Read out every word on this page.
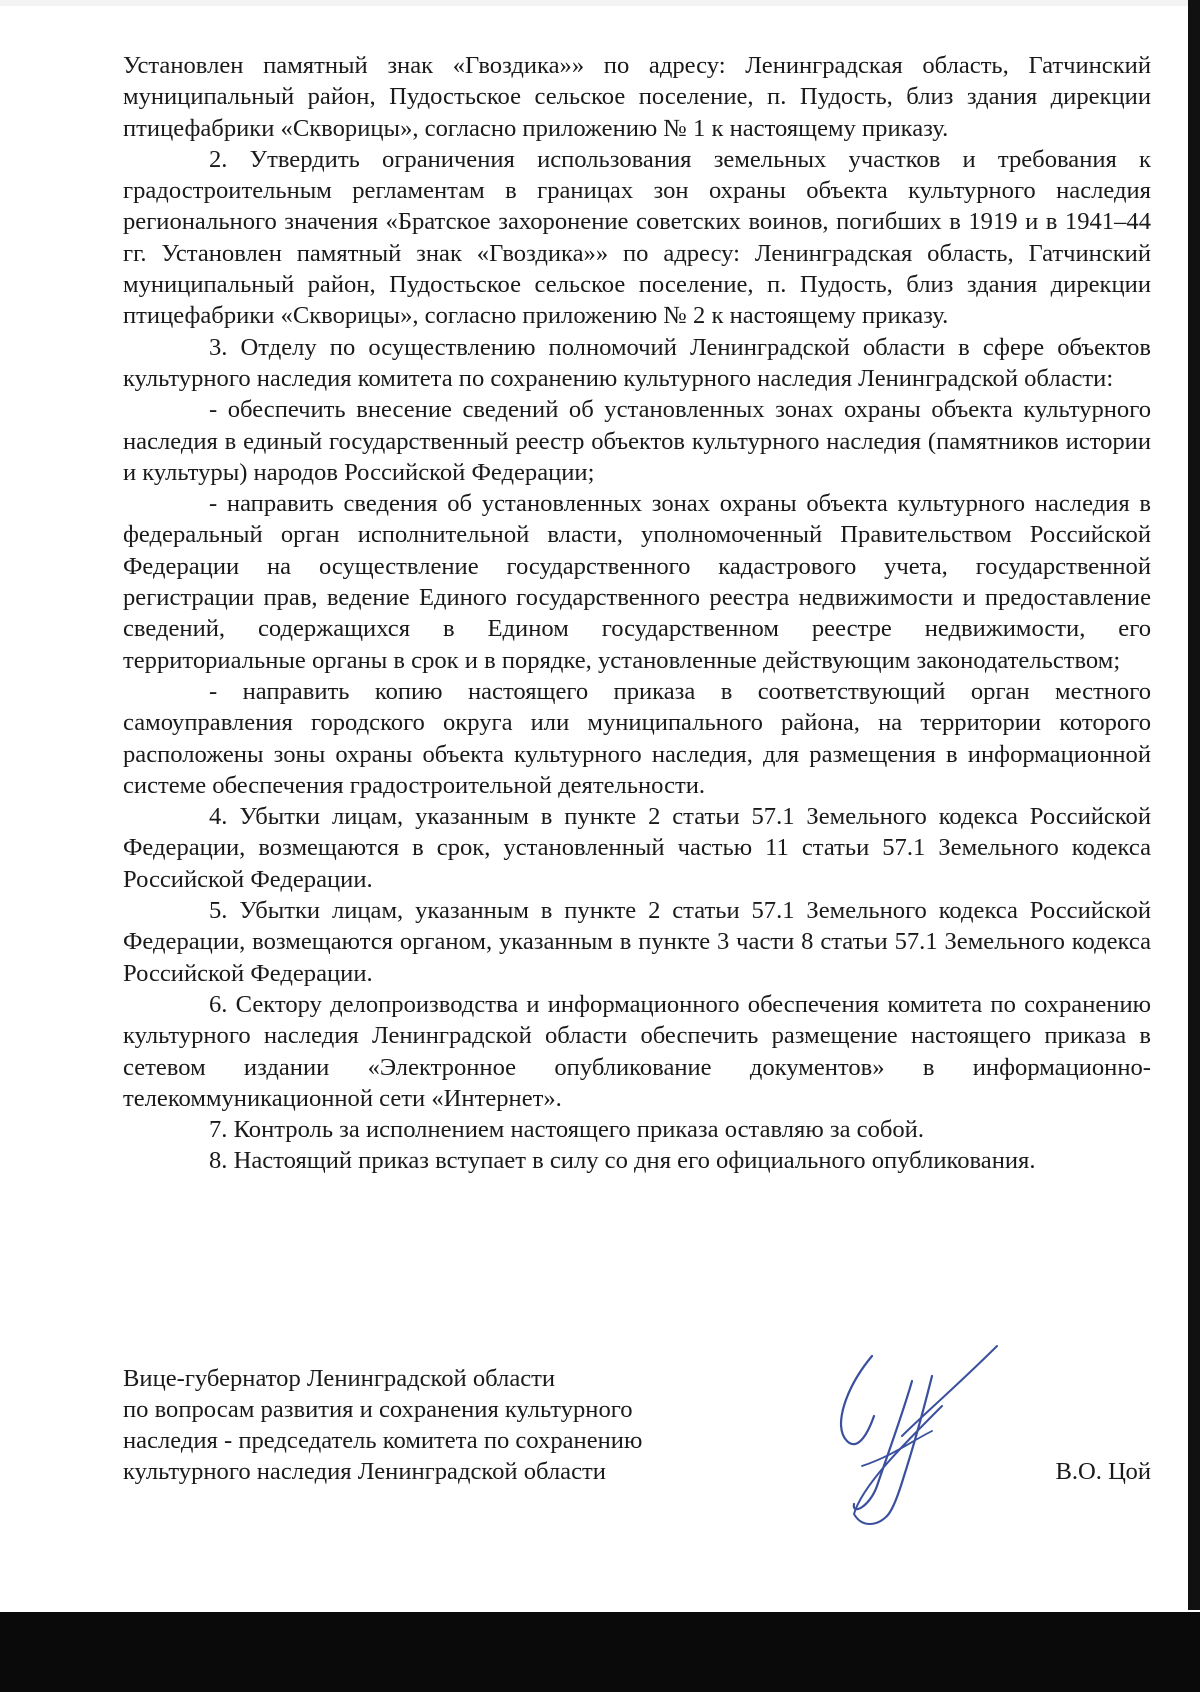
Установлен памятный знак «Гвоздика»» по адресу: Ленинградская область, Гатчинский муниципальный район, Пудостьское сельское поселение, п. Пудость, близ здания дирекции птицефабрики «Скворицы», согласно приложению № 1 к настоящему приказу.

2. Утвердить ограничения использования земельных участков и требования к градостроительным регламентам в границах зон охраны объекта культурного наследия регионального значения «Братское захоронение советских воинов, погибших в 1919 и в 1941–44 гг. Установлен памятный знак «Гвоздика»» по адресу: Ленинградская область, Гатчинский муниципальный район, Пудостьское сельское поселение, п. Пудость, близ здания дирекции птицефабрики «Скворицы», согласно приложению № 2 к настоящему приказу.

3. Отделу по осуществлению полномочий Ленинградской области в сфере объектов культурного наследия комитета по сохранению культурного наследия Ленинградской области:

- обеспечить внесение сведений об установленных зонах охраны объекта культурного наследия в единый государственный реестр объектов культурного наследия (памятников истории и культуры) народов Российской Федерации;

- направить сведения об установленных зонах охраны объекта культурного наследия в федеральный орган исполнительной власти, уполномоченный Правительством Российской Федерации на осуществление государственного кадастрового учета, государственной регистрации прав, ведение Единого государственного реестра недвижимости и предоставление сведений, содержащихся в Едином государственном реестре недвижимости, его территориальные органы в срок и в порядке, установленные действующим законодательством;

- направить копию настоящего приказа в соответствующий орган местного самоуправления городского округа или муниципального района, на территории которого расположены зоны охраны объекта культурного наследия, для размещения в информационной системе обеспечения градостроительной деятельности.

4. Убытки лицам, указанным в пункте 2 статьи 57.1 Земельного кодекса Российской Федерации, возмещаются в срок, установленный частью 11 статьи 57.1 Земельного кодекса Российской Федерации.

5. Убытки лицам, указанным в пункте 2 статьи 57.1 Земельного кодекса Российской Федерации, возмещаются органом, указанным в пункте 3 части 8 статьи 57.1 Земельного кодекса Российской Федерации.

6. Сектору делопроизводства и информационного обеспечения комитета по сохранению культурного наследия Ленинградской области обеспечить размещение настоящего приказа в сетевом издании «Электронное опубликование документов» в информационно-телекоммуникационной сети «Интернет».

7. Контроль за исполнением настоящего приказа оставляю за собой.

8. Настоящий приказ вступает в силу со дня его официального опубликования.

Вице-губернатор Ленинградской области
по вопросам развития и сохранения культурного
наследия - председатель комитета по сохранению
культурного наследия Ленинградской области	В.О. Цой
